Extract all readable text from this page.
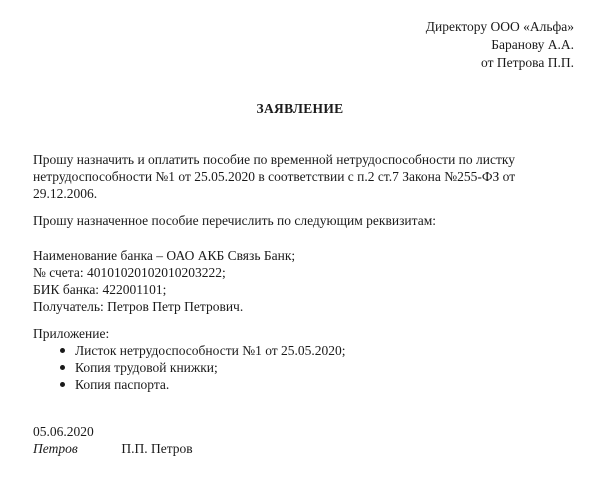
Директору ООО «Альфа»
Баранову А.А.
от Петрова П.П.
ЗАЯВЛЕНИЕ
Прошу назначить и оплатить пособие по временной нетрудоспособности по листку нетрудоспособности №1 от 25.05.2020 в соответствии с п.2 ст.7 Закона №255-ФЗ от 29.12.2006.
Прошу назначенное пособие перечислить по следующим реквизитам:
Наименование банка – ОАО АКБ Связь Банк;
№ счета: 40101020102010203222;
БИК банка: 422001101;
Получатель: Петров Петр Петрович.
Приложение:
Листок нетрудоспособности №1 от 25.05.2020;
Копия трудовой книжки;
Копия паспорта.
05.06.2020
Петров	П.П. Петров
